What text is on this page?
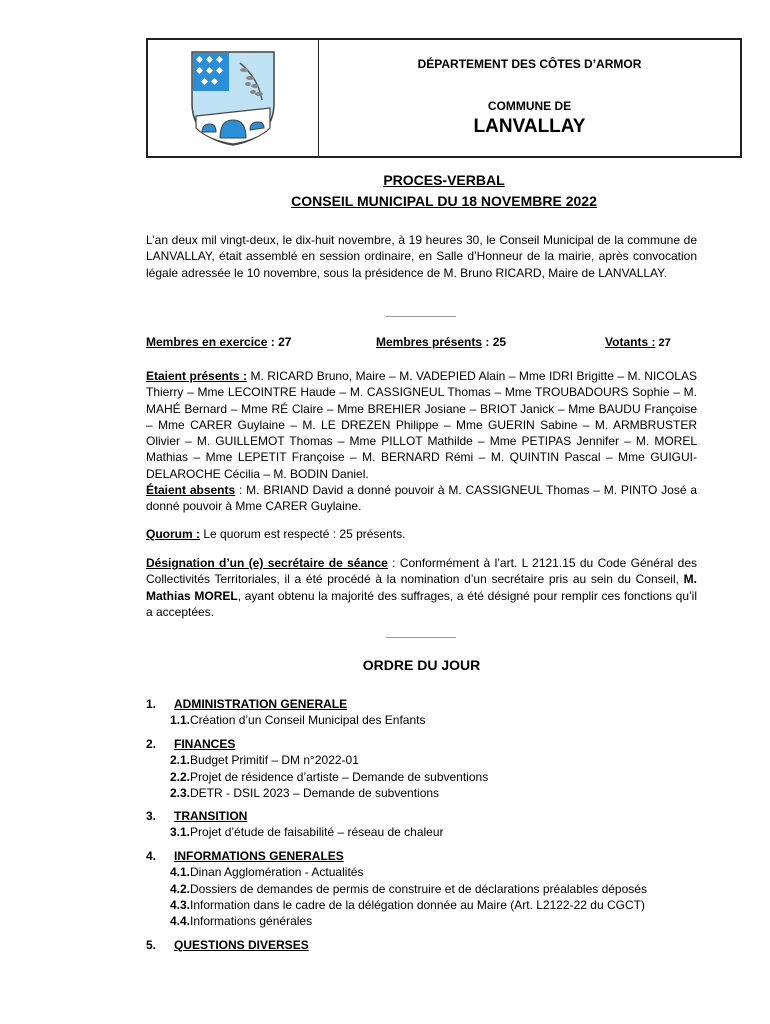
DÉPARTEMENT DES CÔTES D’ARMOR
COMMUNE DE
LANVALLAY
PROCES-VERBAL
CONSEIL MUNICIPAL DU 18 NOVEMBRE 2022
L’an deux mil vingt-deux, le dix-huit novembre, à 19 heures 30, le Conseil Municipal de la commune de LANVALLAY, était assemblé en session ordinaire, en Salle d’Honneur de la mairie, après convocation légale adressée le 10 novembre, sous la présidence de M. Bruno RICARD, Maire de LANVALLAY.
Membres en exercice : 27	Membres présents : 25	Votants : 27
Etaient présents : M. RICARD Bruno, Maire – M. VADEPIED Alain – Mme IDRI Brigitte – M. NICOLAS Thierry – Mme LECOINTRE Haude – M. CASSIGNEUL Thomas – Mme TROUBADOURS Sophie – M. MAHÉ Bernard – Mme RÉ Claire – Mme BREHIER Josiane – BRIOT Janick – Mme BAUDU Françoise – Mme CARER Guylaine – M. LE DREZEN Philippe – Mme GUERIN Sabine – M. ARMBRUSTER Olivier – M. GUILLEMOT Thomas – Mme PILLOT Mathilde – Mme PETIPAS Jennifer – M. MOREL Mathias – Mme LEPETIT Françoise – M. BERNARD Rémi – M. QUINTIN Pascal – Mme GUIGUI-DELAROCHE Cécilia – M. BODIN Daniel.
Étaient absents : M. BRIAND David a donné pouvoir à M. CASSIGNEUL Thomas – M. PINTO José a donné pouvoir à Mme CARER Guylaine.
Quorum : Le quorum est respecté : 25 présents.
Désignation d’un (e) secrétaire de séance : Conformément à l’art. L 2121.15 du Code Général des Collectivités Territoriales, il a été procédé à la nomination d’un secrétaire pris au sein du Conseil, M. Mathias MOREL, ayant obtenu la majorité des suffrages, a été désigné pour remplir ces fonctions qu’il a acceptées.
ORDRE DU JOUR
1. ADMINISTRATION GENERALE
1.1.Création d’un Conseil Municipal des Enfants
2. FINANCES
2.1.Budget Primitif – DM n°2022-01
2.2.Projet de résidence d’artiste – Demande de subventions
2.3.DETR - DSIL 2023 – Demande de subventions
3. TRANSITION
3.1.Projet d’étude de faisabilité – réseau de chaleur
4. INFORMATIONS GENERALES
4.1.Dinan Agglomération - Actualités
4.2.Dossiers de demandes de permis de construire et de déclarations préalables déposés
4.3.Information dans le cadre de la délégation donnée au Maire (Art. L2122-22 du CGCT)
4.4.Informations générales
5. QUESTIONS DIVERSES
